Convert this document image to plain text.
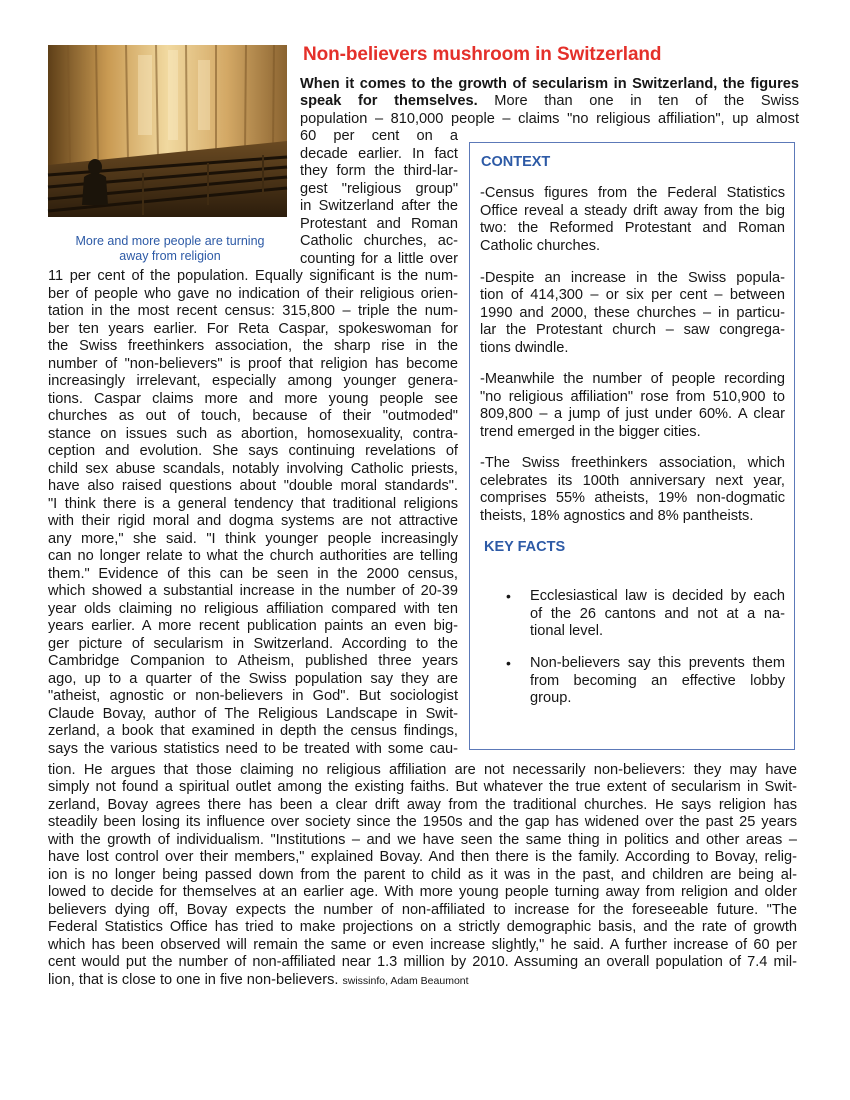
More and more people are turning
away from religion
Non-believers mushroom in Switzerland

When it comes to the growth of secularism in Switzerland, the figures speak for themselves. More than one in ten of the Swiss

population – 810,000 people – claims "no religious affiliation", up almost

60 per cent on a

decade earlier. In fact

they form the third-lar-

gest "religious group"

in Switzerland after the

Protestant and Roman

Catholic churches, ac-

counting for a little over

11 per cent of the population. Equally significant is the num-

ber of people who gave no indication of their religious orien-

tation in the most recent census: 315,800 – triple the num-

ber ten years earlier. For Reta Caspar, spokeswoman for

the Swiss freethinkers association, the sharp rise in the

number of "non-believers" is proof that religion has become

increasingly irrelevant, especially among younger genera-

tions. Caspar claims more and more young people see

churches as out of touch, because of their "outmoded"

stance on issues such as abortion, homosexuality, contra-

ception and evolution. She says continuing revelations of

child sex abuse scandals, notably involving Catholic priests,

have also raised questions about "double moral standards".

"I think there is a general tendency that traditional religions

with their rigid moral and dogma systems are not attractive

any more," she said. "I think younger people increasingly

can no longer relate to what the church authorities are telling

them." Evidence of this can be seen in the 2000 census,

which showed a substantial increase in the number of 20-39

year olds claiming no religious affiliation compared with ten

years earlier. A more recent publication paints an even big-

ger picture of secularism in Switzerland. According to the

Cambridge Companion to Atheism, published three years

ago, up to a quarter of the Swiss population say they are

"atheist, agnostic or non-believers in God". But sociologist

Claude Bovay, author of The Religious Landscape in Swit-

zerland, a book that examined in depth the census findings,

says the various statistics need to be treated with some cau-

tion. He argues that those claiming no religious affiliation are not necessarily non-believers: they may have

simply not found a spiritual outlet among the existing faiths. But whatever the true extent of secularism in Swit-

zerland, Bovay agrees there has been a clear drift away from the traditional churches. He says religion has

steadily been losing its influence over society since the 1950s and the gap has widened over the past 25 years

with the growth of individualism. "Institutions – and we have seen the same thing in politics and other areas –

have lost control over their members," explained Bovay. And then there is the family. According to Bovay, relig-

ion is no longer being passed down from the parent to child as it was in the past, and children are being al-

lowed to decide for themselves at an earlier age. With more young people turning away from religion and older

believers dying off, Bovay expects the number of non-affiliated to increase for the foreseeable future. "The

Federal Statistics Office has tried to make projections on a strictly demographic basis, and the rate of growth

which has been observed will remain the same or even increase slightly," he said. A further increase of 60 per

cent would put the number of non-affiliated near 1.3 million by 2010. Assuming an overall population of 7.4 mil-

lion, that is close to one in five non-believers. swissinfo, Adam Beaumont

CONTEXT

-Census figures from the Federal Statistics

Office reveal a steady drift away from the big

two: the Reformed Protestant and Roman

Catholic churches.

-Despite an increase in the Swiss popula-

tion of 414,300 – or six per cent – between

1990 and 2000, these churches – in particu-

lar the Protestant church – saw congrega-

tions dwindle.

-Meanwhile the number of people recording

"no religious affiliation" rose from 510,900 to

809,800 – a jump of just under 60%. A clear

trend emerged in the bigger cities.

-The Swiss freethinkers association, which

celebrates its 100th anniversary next year,

comprises 55% atheists, 19% non-dogmatic

theists, 18% agnostics and 8% pantheists.

KEY FACTS
• Ecclesiastical law is decided by each

of the 26 cantons and not at a na-

tional level.

• Non-believers say this prevents them

from becoming an effective lobby

group.
